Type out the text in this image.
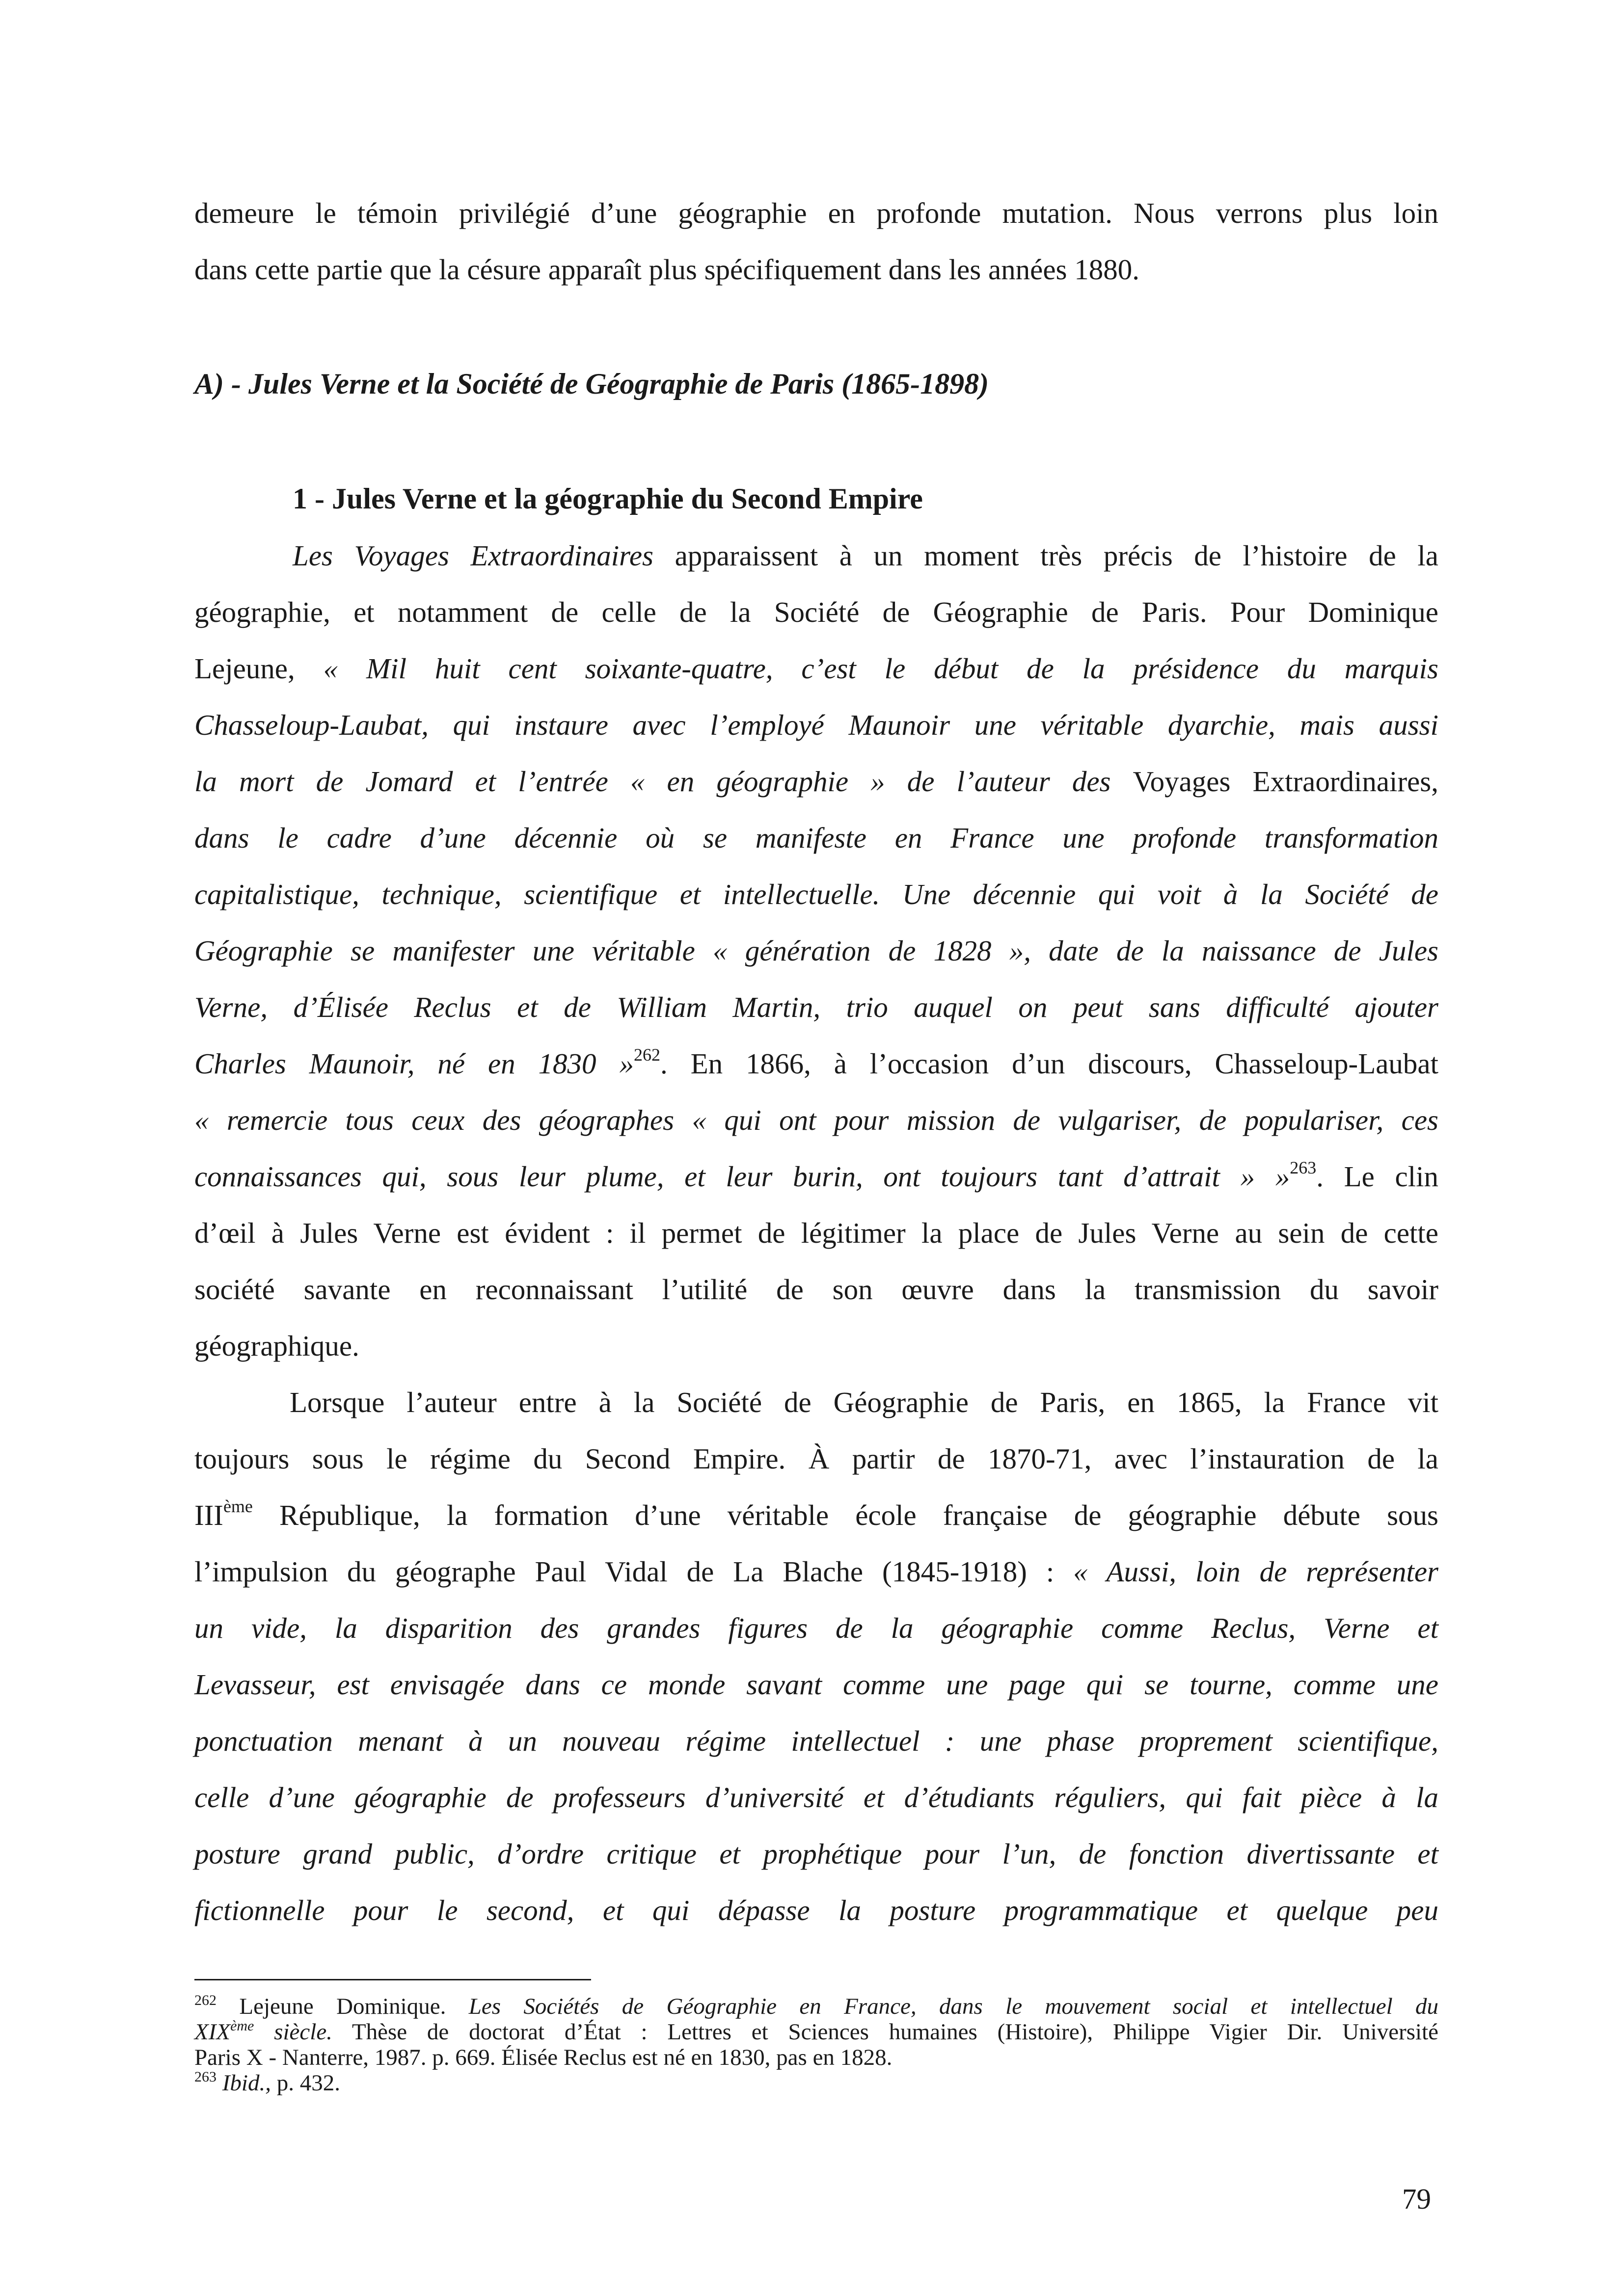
demeure le témoin privilégié d’une géographie en profonde mutation. Nous verrons plus loin
dans cette partie que la césure apparaît plus spécifiquement dans les années 1880.
A) - Jules Verne et la Société de Géographie de Paris (1865-1898)
1 - Jules Verne et la géographie du Second Empire
Les Voyages Extraordinaires apparaissent à un moment très précis de l’histoire de la
géographie, et notamment de celle de la Société de Géographie de Paris. Pour Dominique
Lejeune, « Mil huit cent soixante-quatre, c’est le début de la présidence du marquis
Chasseloup-Laubat, qui instaure avec l’employé Maunoir une véritable dyarchie, mais aussi
la mort de Jomard et l’entrée « en géographie » de l’auteur des Voyages Extraordinaires,
dans le cadre d’une décennie où se manifeste en France une profonde transformation
capitalistique, technique, scientifique et intellectuelle. Une décennie qui voit à la Société de
Géographie se manifester une véritable « génération de 1828 », date de la naissance de Jules
Verne, d’Élisée Reclus et de William Martin, trio auquel on peut sans difficulté ajouter
Charles Maunoir, né en 1830 »$^{262}$. En 1866, à l’occasion d’un discours, Chasseloup-Laubat
« remercie tous ceux des géographes « qui ont pour mission de vulgariser, de populariser, ces
connaissances qui, sous leur plume, et leur burin, ont toujours tant d’attrait » »$^{263}$. Le clin
d’œil à Jules Verne est évident : il permet de légitimer la place de Jules Verne au sein de cette
société savante en reconnaissant l’utilité de son œuvre dans la transmission du savoir
géographique.
Lorsque l’auteur entre à la Société de Géographie de Paris, en 1865, la France vit
toujours sous le régime du Second Empire. À partir de 1870-71, avec l’instauration de la
IIIème République, la formation d’une véritable école française de géographie débute sous
l’impulsion du géographe Paul Vidal de La Blache (1845-1918) : « Aussi, loin de représenter
un vide, la disparition des grandes figures de la géographie comme Reclus, Verne et
Levasseur, est envisagée dans ce monde savant comme une page qui se tourne, comme une
ponctuation menant à un nouveau régime intellectuel : une phase proprement scientifique,
celle d’une géographie de professeurs d’université et d’étudiants réguliers, qui fait pièce à la
posture grand public, d’ordre critique et prophétique pour l’un, de fonction divertissante et
fictionnelle pour le second, et qui dépasse la posture programmatique et quelque peu
$^{262}$ Lejeune Dominique. Les Sociétés de Géographie en France, dans le mouvement social et intellectuel du
XIXème siècle. Thèse de doctorat d’État : Lettres et Sciences humaines (Histoire), Philippe Vigier Dir. Université
Paris X - Nanterre, 1987. p. 669. Élisée Reclus est né en 1830, pas en 1828.
$^{263}$ Ibid., p. 432.
79
